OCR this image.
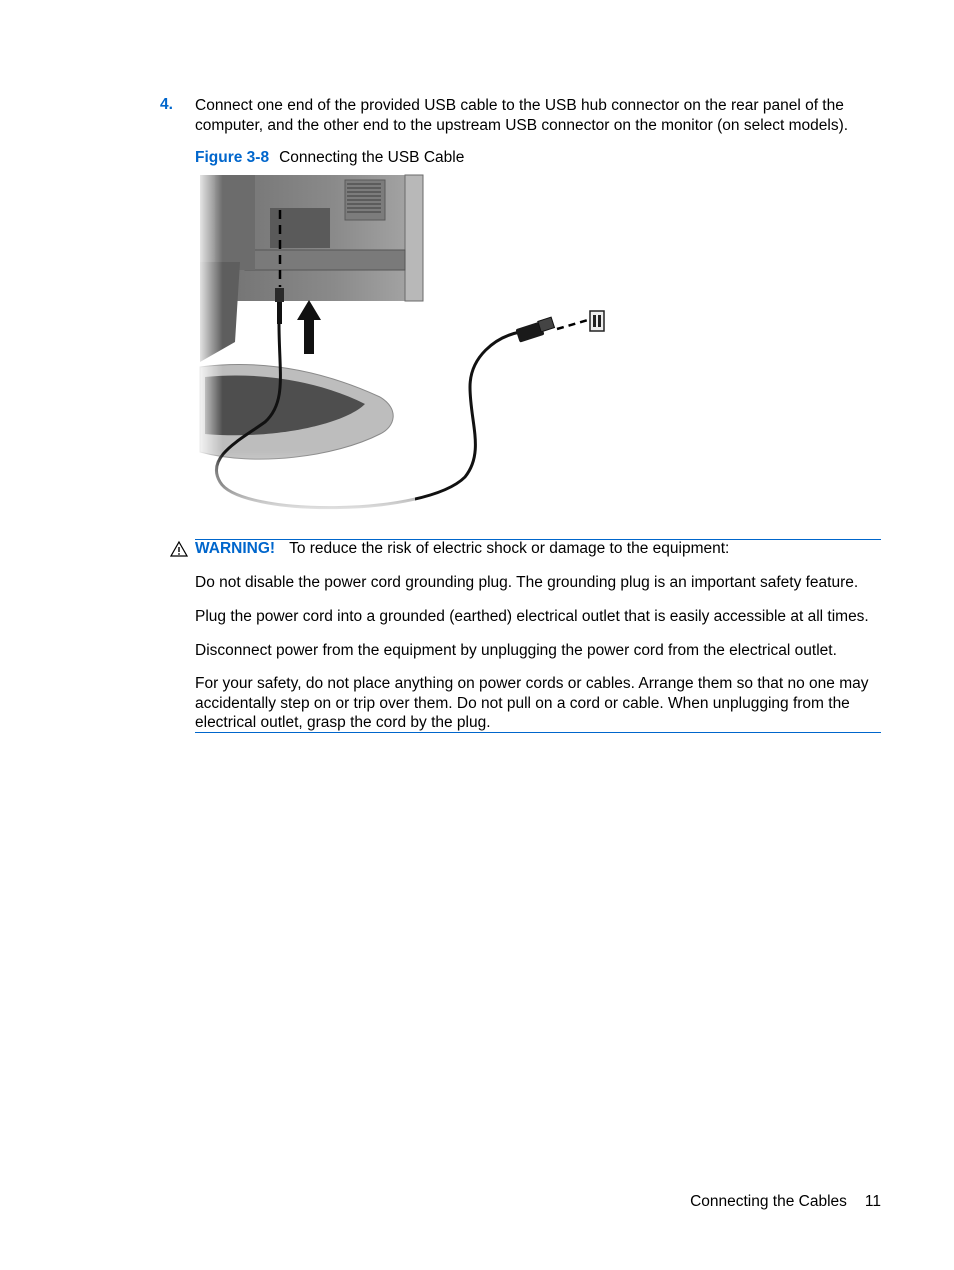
4. Connect one end of the provided USB cable to the USB hub connector on the rear panel of the computer, and the other end to the upstream USB connector on the monitor (on select models).
Figure 3-8 Connecting the USB Cable
WARNING! To reduce the risk of electric shock or damage to the equipment:

Do not disable the power cord grounding plug. The grounding plug is an important safety feature.

Plug the power cord into a grounded (earthed) electrical outlet that is easily accessible at all times.

Disconnect power from the equipment by unplugging the power cord from the electrical outlet.

For your safety, do not place anything on power cords or cables. Arrange them so that no one may accidentally step on or trip over them. Do not pull on a cord or cable. When unplugging from the electrical outlet, grasp the cord by the plug.

Connecting the Cables 11
